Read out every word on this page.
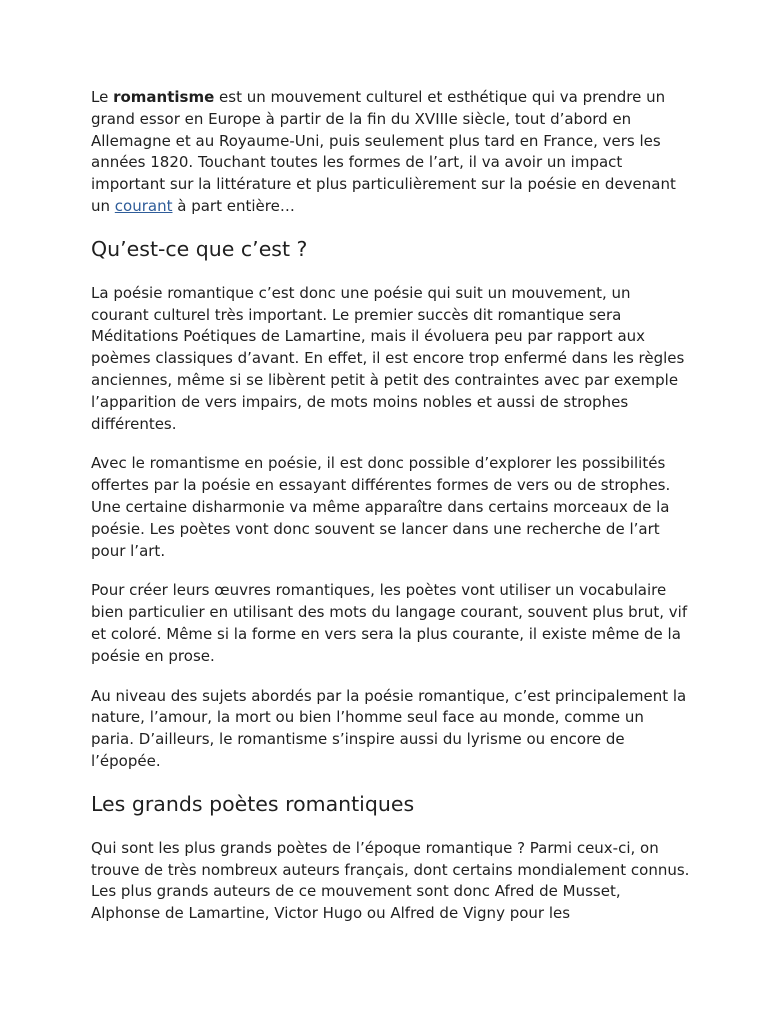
Le romantisme est un mouvement culturel et esthétique qui va prendre un grand essor en Europe à partir de la fin du XVIIIe siècle, tout d’abord en Allemagne et au Royaume-Uni, puis seulement plus tard en France, vers les années 1820. Touchant toutes les formes de l’art, il va avoir un impact important sur la littérature et plus particulièrement sur la poésie en devenant un courant à part entière…

Qu’est-ce que c’est ?

La poésie romantique c’est donc une poésie qui suit un mouvement, un courant culturel très important. Le premier succès dit romantique sera Méditations Poétiques de Lamartine, mais il évoluera peu par rapport aux poèmes classiques d’avant. En effet, il est encore trop enfermé dans les règles anciennes, même si se libèrent petit à petit des contraintes avec par exemple l’apparition de vers impairs, de mots moins nobles et aussi de strophes différentes.

Avec le romantisme en poésie, il est donc possible d’explorer les possibilités offertes par la poésie en essayant différentes formes de vers ou de strophes. Une certaine disharmonie va même apparaître dans certains morceaux de la poésie. Les poètes vont donc souvent se lancer dans une recherche de l’art pour l’art.

Pour créer leurs œuvres romantiques, les poètes vont utiliser un vocabulaire bien particulier en utilisant des mots du langage courant, souvent plus brut, vif et coloré. Même si la forme en vers sera la plus courante, il existe même de la poésie en prose.

Au niveau des sujets abordés par la poésie romantique, c’est principalement la nature, l’amour, la mort ou bien l’homme seul face au monde, comme un paria. D’ailleurs, le romantisme s’inspire aussi du lyrisme ou encore de l’épopée.

Les grands poètes romantiques

Qui sont les plus grands poètes de l’époque romantique ? Parmi ceux-ci, on trouve de très nombreux auteurs français, dont certains mondialement connus. Les plus grands auteurs de ce mouvement sont donc Afred de Musset, Alphonse de Lamartine, Victor Hugo ou Alfred de Vigny pour les
